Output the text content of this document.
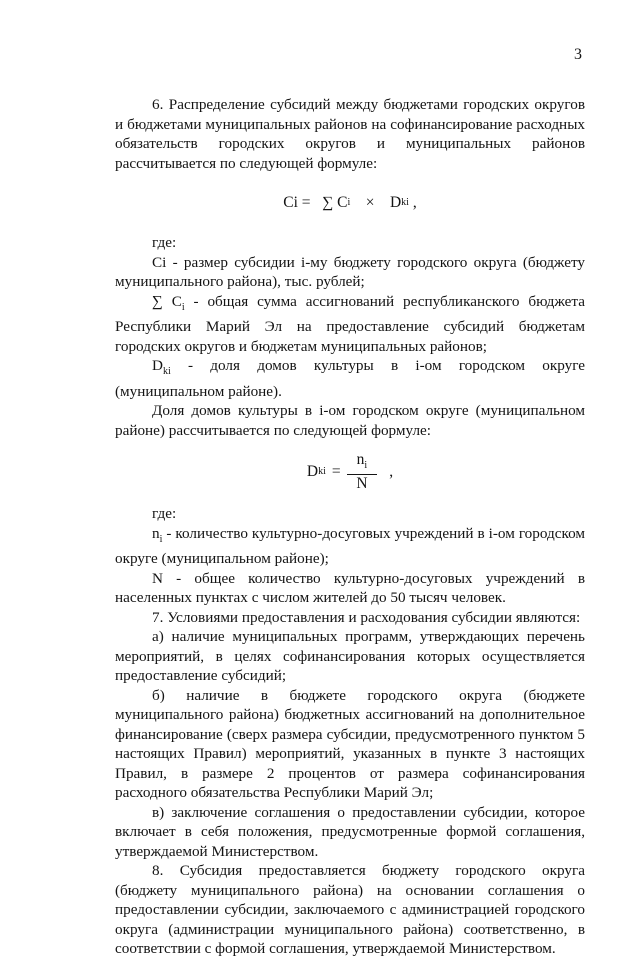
3

6. Распределение субсидий между бюджетами городских округов и бюджетами муниципальных районов на софинансирование расходных обязательств городских округов и муниципальных районов рассчитывается по следующей формуле:

Ci =
∑ C i
×
D ki
,

где:

Ci - размер субсидии i-му бюджету городского округа (бюджету муниципального района), тыс. рублей;

∑ $C_i$ - общая сумма ассигнований республиканского бюджета Республики Марий Эл на предоставление субсидий бюджетам городских округов и бюджетам муниципальных районов;

$D_{ki}$ - доля домов культуры в i-ом городском округе (муниципальном районе).

Доля домов культуры в i-ом городском округе (муниципальном районе) рассчитывается по следующей формуле:

D ki = $\frac{n_i}{N}$ ,

где:

$n_i$ - количество культурно-досуговых учреждений в i-ом городском округе (муниципальном районе);

N - общее количество культурно-досуговых учреждений в населенных пунктах с числом жителей до 50 тысяч человек.

7. Условиями предоставления и расходования субсидии являются:

а) наличие муниципальных программ, утверждающих перечень мероприятий, в целях софинансирования которых осуществляется предоставление субсидий;

б) наличие в бюджете городского округа (бюджете муниципального района) бюджетных ассигнований на дополнительное финансирование (сверх размера субсидии, предусмотренного пунктом 5 настоящих Правил) мероприятий, указанных в пункте 3 настоящих Правил, в размере 2 процентов от размера софинансирования расходного обязательства Республики Марий Эл;

в) заключение соглашения о предоставлении субсидии, которое включает в себя положения, предусмотренные формой соглашения, утверждаемой Министерством.

8. Субсидия предоставляется бюджету городского округа (бюджету муниципального района) на основании соглашения о предоставлении субсидии, заключаемого с администрацией городского округа (администрации муниципального района) соответственно, в соответствии с формой соглашения, утверждаемой Министерством.
